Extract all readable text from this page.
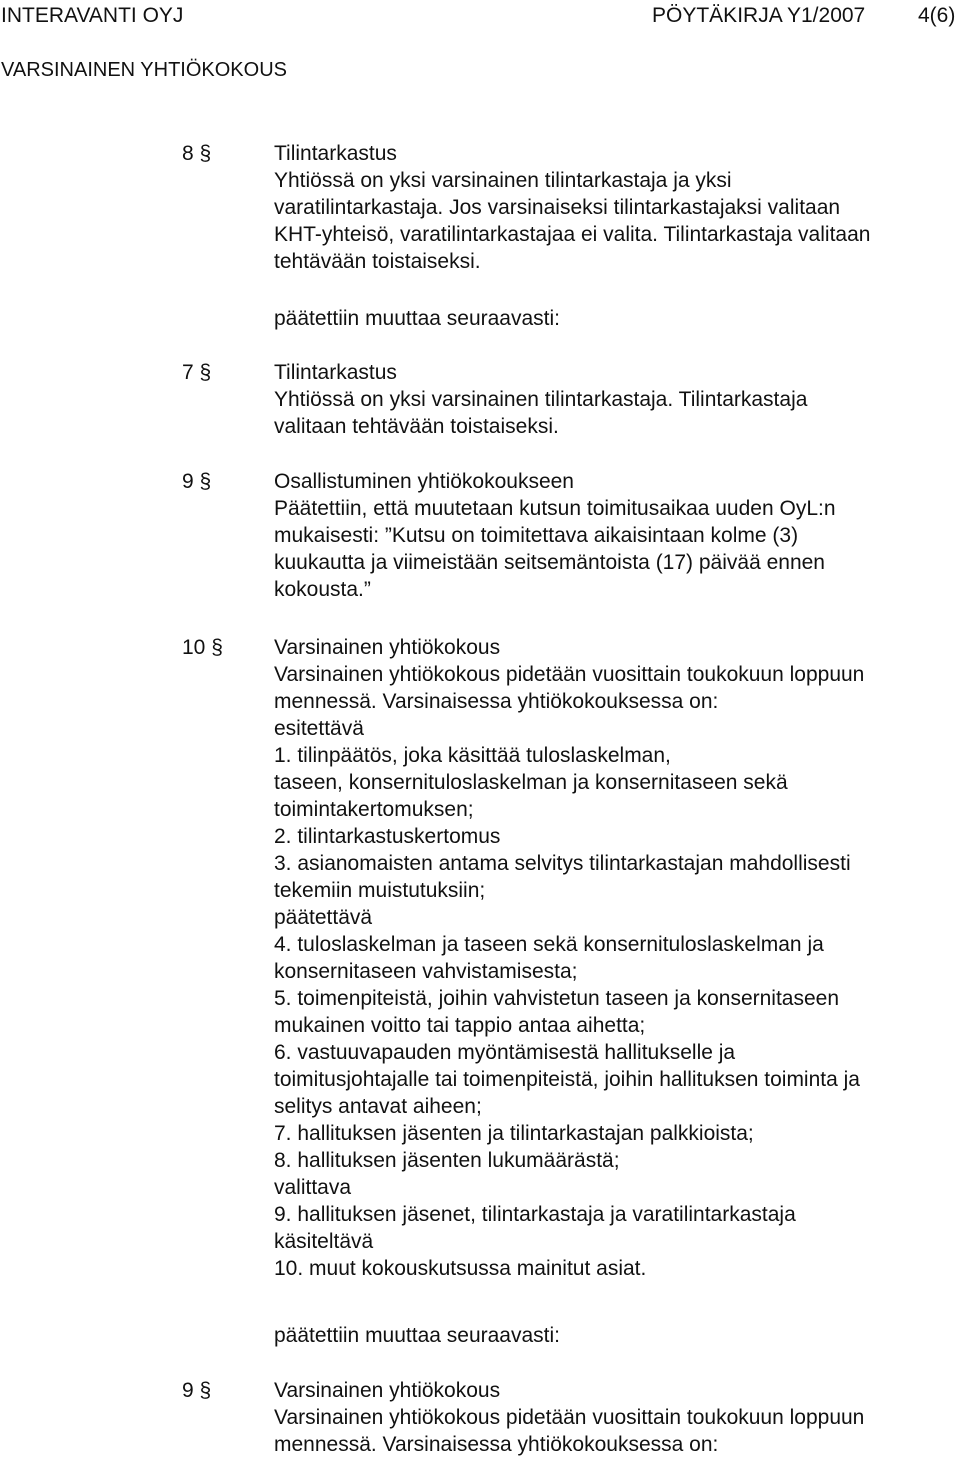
INTERAVANTI OYJ	PÖYTÄKIRJA Y1/2007	4(6)
VARSINAINEN YHTIÖKOKOUS
8 §	Tilintarkastus
Yhtiössä on yksi varsinainen tilintarkastaja ja yksi
varatilintarkastaja. Jos varsinaiseksi tilintarkastajaksi valitaan
KHT-yhteisö, varatilintarkastajaa ei valita. Tilintarkastaja valitaan
tehtävään toistaiseksi.
päätettiin muuttaa seuraavasti:
7 §	Tilintarkastus
Yhtiössä on yksi varsinainen tilintarkastaja. Tilintarkastaja
valitaan tehtävään toistaiseksi.
9 §	Osallistuminen yhtiökokoukseen
Päätettiin, että muutetaan kutsun toimitusaikaa uuden OyL:n
mukaisesti: ”Kutsu on toimitettava aikaisintaan kolme (3)
kuukautta ja viimeistään seitsemäntoista (17) päivää ennen
kokousta.”
10 § Varsinainen yhtiökokous
Varsinainen yhtiökokous pidetään vuosittain toukokuun loppuun
mennessä. Varsinaisessa yhtiökokouksessa on:
esitettävä
1. tilinpäätös, joka käsittää tuloslaskelman,
taseen, konsernituloslaskelman ja konsernitaseen sekä
toimintakertomuksen;
2. tilintarkastuskertomus
3. asianomaisten antama selvitys tilintarkastajan mahdollisesti
tekemiin muistutuksiin;
päätettävä
4. tuloslaskelman ja taseen sekä konsernituloslaskelman ja
konsernitaseen vahvistamisesta;
5. toimenpiteistä, joihin vahvistetun taseen ja konsernitaseen
mukainen voitto tai tappio antaa aihetta;
6. vastuuvapauden myöntämisestä hallitukselle ja
toimitusjohtajalle tai toimenpiteistä, joihin hallituksen toiminta ja
selitys antavat aiheen;
7. hallituksen jäsenten ja tilintarkastajan palkkioista;
8. hallituksen jäsenten lukumäärästä;
valittava
9. hallituksen jäsenet, tilintarkastaja ja varatilintarkastaja
käsiteltävä
10. muut kokouskutsussa mainitut asiat.
päätettiin muuttaa seuraavasti:
9 §	Varsinainen yhtiökokous
Varsinainen yhtiökokous pidetään vuosittain toukokuun loppuun
mennessä. Varsinaisessa yhtiökokouksessa on:
